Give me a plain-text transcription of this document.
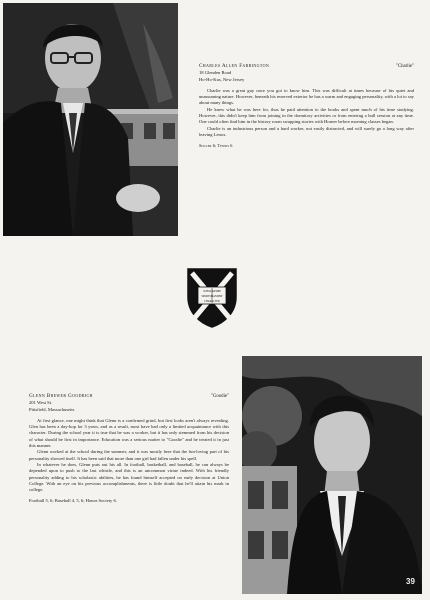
Charles Allen Farrington	"Charlie"
18 Glenden Road
Ho-Ho-Kus, New Jersey

Charlie was a great guy once you got to know him. This was difficult at times because of his quiet and unassuming nature. However, beneath his reserved exterior he has a warm and engaging personality, with a lot to say about many things.

He knew what he was here for, thus he paid attention to the books and spent much of his time studying. However, this didn't keep him from joining in the dormitory activities or from entering a bull session at any time. One could often find him in the history room swapping stories with Horner before morning classes began.

Charlie is an industrious person and a hard worker, not easily distracted, and will surely go a long way after leaving Lenox.

Soccer 6; Tennis 6
SCHOLARSHIP
SPORTSMANSHIP
CHARACTER
Glenn Brewer Goodrich	"Goodie"
201 West St.
Pittsfield, Massachusetts

At first glance, one might think that Glenn is a confirmed grind, but first looks aren't always revealing. Glen has been a day-hop for 3 years, and as a result, most have had only a limited acquaintance with this character. During the school year it is true that he was a worker, but it has only stemmed from his decision of what should be first in importance. Education was a serious matter to "Goodie" and he treated it in just this manner.

Glenn worked at the school during the summer, and it was mostly here that the fun-loving part of his personality showed itself. It has been said that more than one girl had fallen under his spell.

In whatever he does, Glenn puts out his all. In football, basketball, and baseball, he can always be depended upon to push to the last whistle, and this is an uncommon virtue indeed. With his friendly personality adding to his scholastic abilities, he has found himself accepted on early decision at Union College. With an eye on his previous accomplishments, there is little doubt that he'll attain his mark in college.

Football 5, 6; Baseball 4, 5, 6; Honor Society 6.
39
